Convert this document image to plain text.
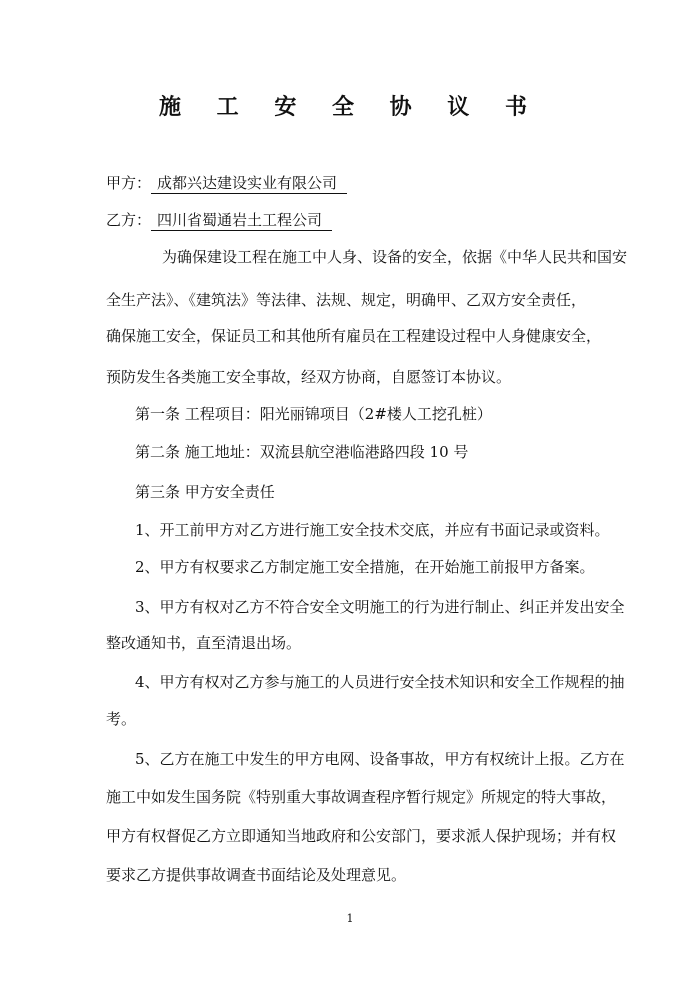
施 工 安 全 协 议 书
甲方： 成都兴达建设实业有限公司
乙方： 四川省蜀通岩土工程公司
为确保建设工程在施工中人身、设备的安全，依据《中华人民共和国安
全生产法》、《建筑法》等法律、法规、规定，明确甲、乙双方安全责任，
确保施工安全，保证员工和其他所有雇员在工程建设过程中人身健康安全，
预防发生各类施工安全事故，经双方协商，自愿签订本协议。
第一条 工程项目：阳光丽锦项目（2#楼人工挖孔桩）
第二条 施工地址：双流县航空港临港路四段 10 号
第三条 甲方安全责任
1、开工前甲方对乙方进行施工安全技术交底，并应有书面记录或资料。
2、甲方有权要求乙方制定施工安全措施，在开始施工前报甲方备案。
3、甲方有权对乙方不符合安全文明施工的行为进行制止、纠正并发出安全
整改通知书，直至清退出场。
4、甲方有权对乙方参与施工的人员进行安全技术知识和安全工作规程的抽
考。
5、乙方在施工中发生的甲方电网、设备事故，甲方有权统计上报。乙方在
施工中如发生国务院《特别重大事故调查程序暂行规定》所规定的特大事故，
甲方有权督促乙方立即通知当地政府和公安部门，要求派人保护现场；并有权
要求乙方提供事故调查书面结论及处理意见。
1
